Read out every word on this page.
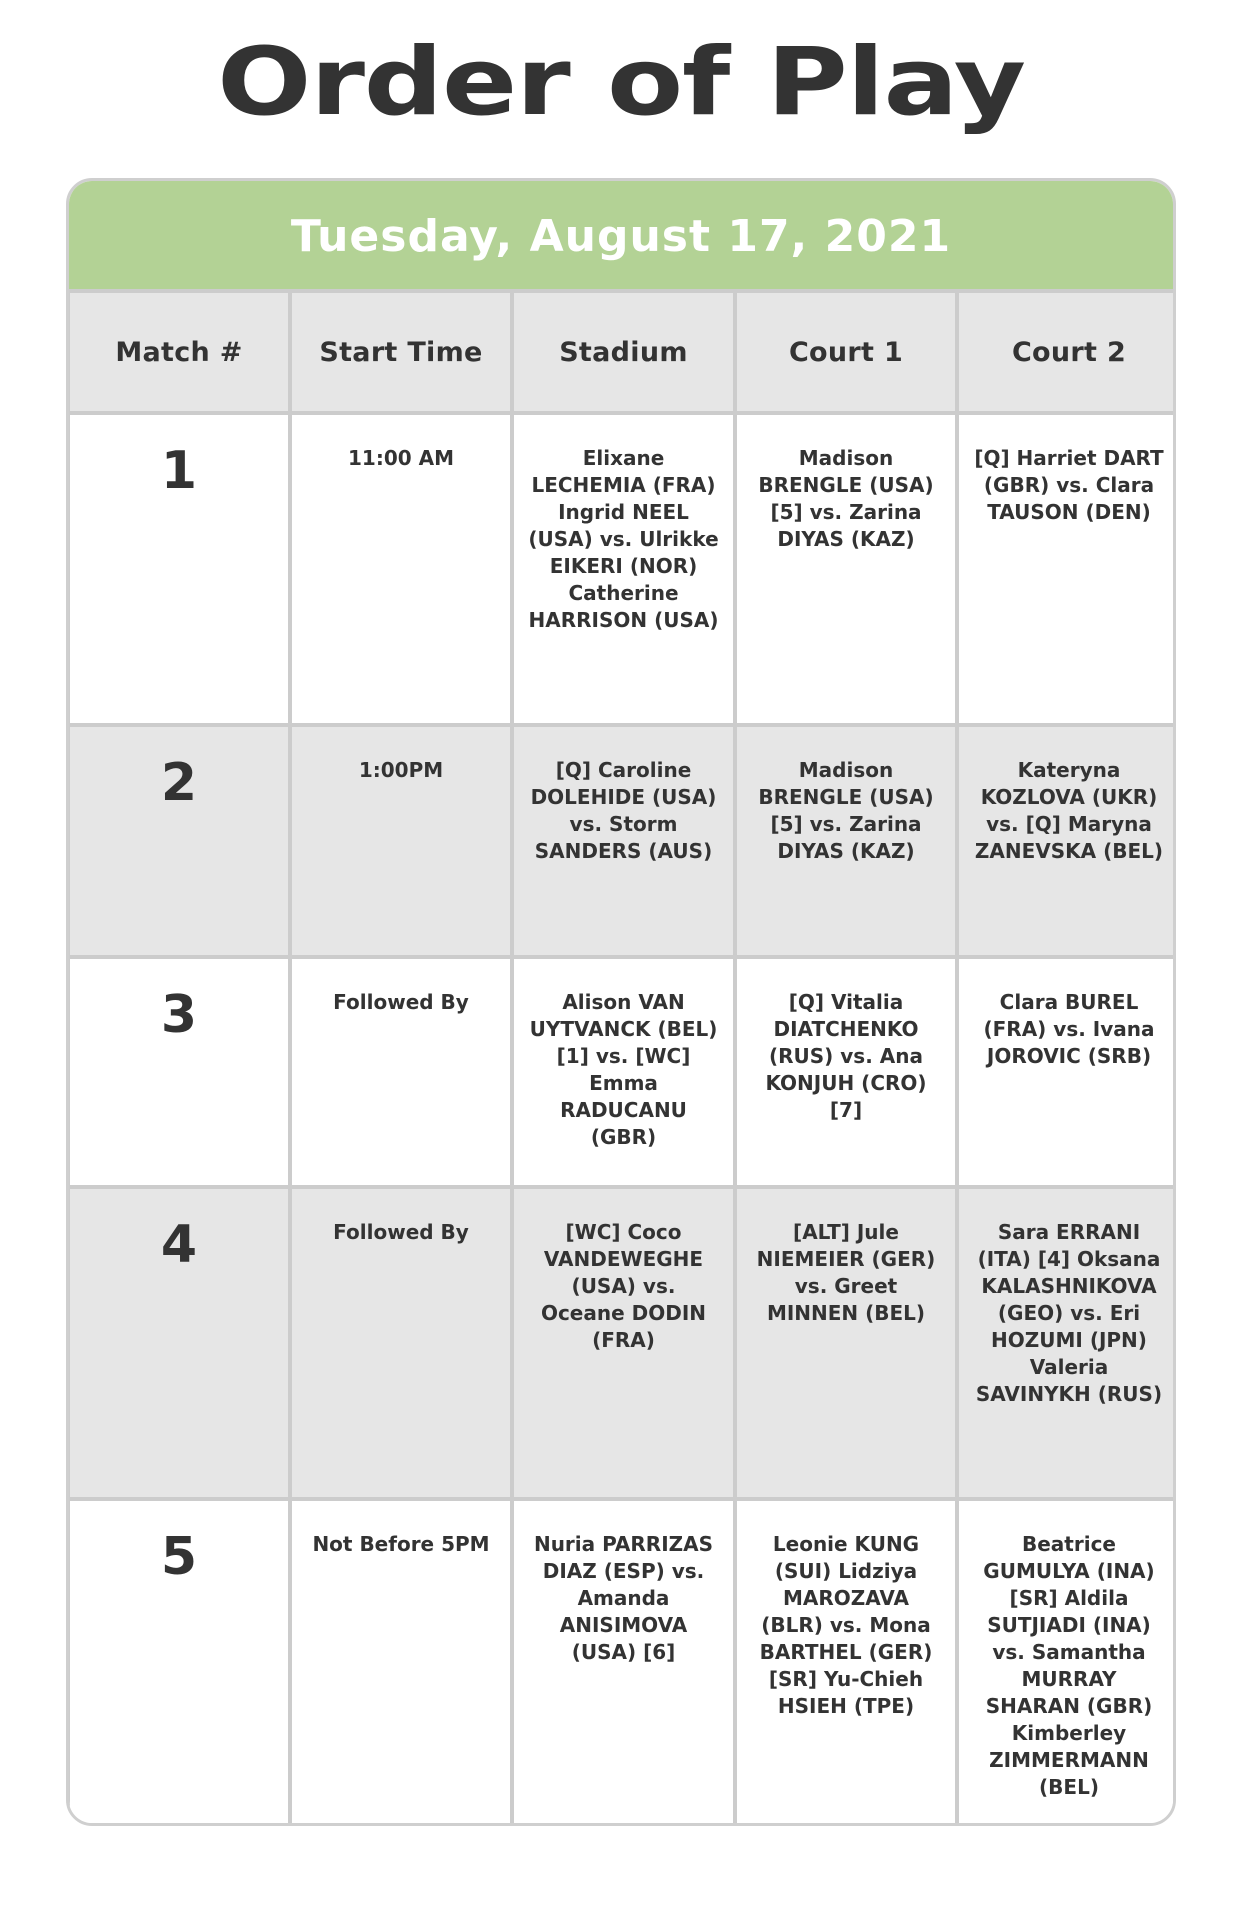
Order of Play
Tuesday, August 17, 2021
Match #	Start Time	Stadium	Court 1	Court 2

1	11:00 AM	Elixane LECHEMIA (FRA) Ingrid NEEL (USA) vs. Ulrikke EIKERI (NOR) Catherine HARRISON (USA)	Madison BRENGLE (USA) [5] vs. Zarina DIYAS (KAZ)	[Q] Harriet DART (GBR) vs. Clara TAUSON (DEN)

2	1:00PM	[Q] Caroline DOLEHIDE (USA) vs. Storm SANDERS (AUS)	Madison BRENGLE (USA) [5] vs. Zarina DIYAS (KAZ)	Kateryna KOZLOVA (UKR) vs. [Q] Maryna ZANEVSKA (BEL)

3	Followed By	Alison VAN UYTVANCK (BEL) [1] vs. [WC] Emma RADUCANU (GBR)	[Q] Vitalia DIATCHENKO (RUS) vs. Ana KONJUH (CRO) [7]	Clara BUREL (FRA) vs. Ivana JOROVIC (SRB)

4	Followed By	[WC] Coco VANDEWEGHE (USA) vs. Oceane DODIN (FRA)	[ALT] Jule NIEMEIER (GER) vs. Greet MINNEN (BEL)	Sara ERRANI (ITA) [4] Oksana KALASHNIKOVA (GEO) vs. Eri HOZUMI (JPN) Valeria SAVINYKH (RUS)

5	Not Before 5PM	Nuria PARRIZAS DIAZ (ESP) vs. Amanda ANISIMOVA (USA) [6]	Leonie KUNG (SUI) Lidziya MAROZAVA (BLR) vs. Mona BARTHEL (GER) [SR] Yu-Chieh HSIEH (TPE)	Beatrice GUMULYA (INA) [SR] Aldila SUTJIADI (INA) vs. Samantha MURRAY SHARAN (GBR) Kimberley ZIMMERMANN (BEL)
